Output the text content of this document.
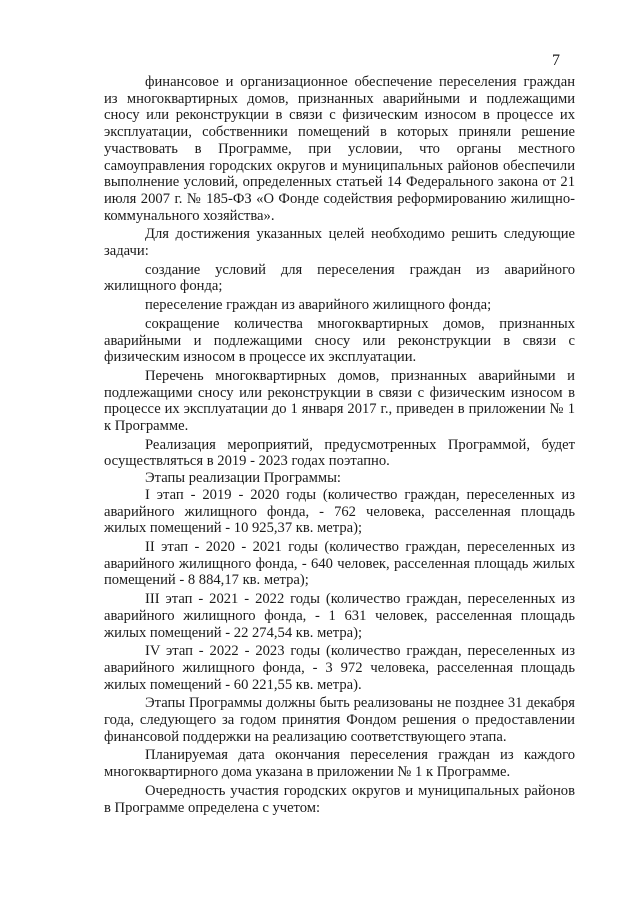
7

финансовое и организационное обеспечение переселения граждан из многоквартирных домов, признанных аварийными и подлежащими сносу или реконструкции в связи с физическим износом в процессе их эксплуатации, собственники помещений в которых приняли решение участвовать в Программе, при условии, что органы местного самоуправления городских округов и муниципальных районов обеспечили выполнение условий, определенных статьей 14 Федерального закона от 21 июля 2007 г. № 185-ФЗ «О Фонде содействия реформированию жилищно-коммунального хозяйства».

Для достижения указанных целей необходимо решить следующие задачи:

создание условий для переселения граждан из аварийного жилищного фонда;

переселение граждан из аварийного жилищного фонда;

сокращение количества многоквартирных домов, признанных аварийными и подлежащими сносу или реконструкции в связи с физическим износом в процессе их эксплуатации.

Перечень многоквартирных домов, признанных аварийными и подлежащими сносу или реконструкции в связи с физическим износом в процессе их эксплуатации до 1 января 2017 г., приведен в приложении № 1 к Программе.

Реализация мероприятий, предусмотренных Программой, будет осуществляться в 2019 - 2023 годах поэтапно.

Этапы реализации Программы:

I этап - 2019 - 2020 годы (количество граждан, переселенных из аварийного жилищного фонда, - 762 человека, расселенная площадь жилых помещений - 10 925,37 кв. метра);

II этап - 2020 - 2021 годы (количество граждан, переселенных из аварийного жилищного фонда, - 640 человек, расселенная площадь жилых помещений - 8 884,17 кв. метра);

III этап - 2021 - 2022 годы (количество граждан, переселенных из аварийного жилищного фонда, - 1 631 человек, расселенная площадь жилых помещений - 22 274,54 кв. метра);

IV этап - 2022 - 2023 годы (количество граждан, переселенных из аварийного жилищного фонда, - 3 972 человека, расселенная площадь жилых помещений - 60 221,55 кв. метра).

Этапы Программы должны быть реализованы не позднее 31 декабря года, следующего за годом принятия Фондом решения о предоставлении финансовой поддержки на реализацию соответствующего этапа.

Планируемая дата окончания переселения граждан из каждого многоквартирного дома указана в приложении № 1 к Программе.

Очередность участия городских округов и муниципальных районов в Программе определена с учетом:
